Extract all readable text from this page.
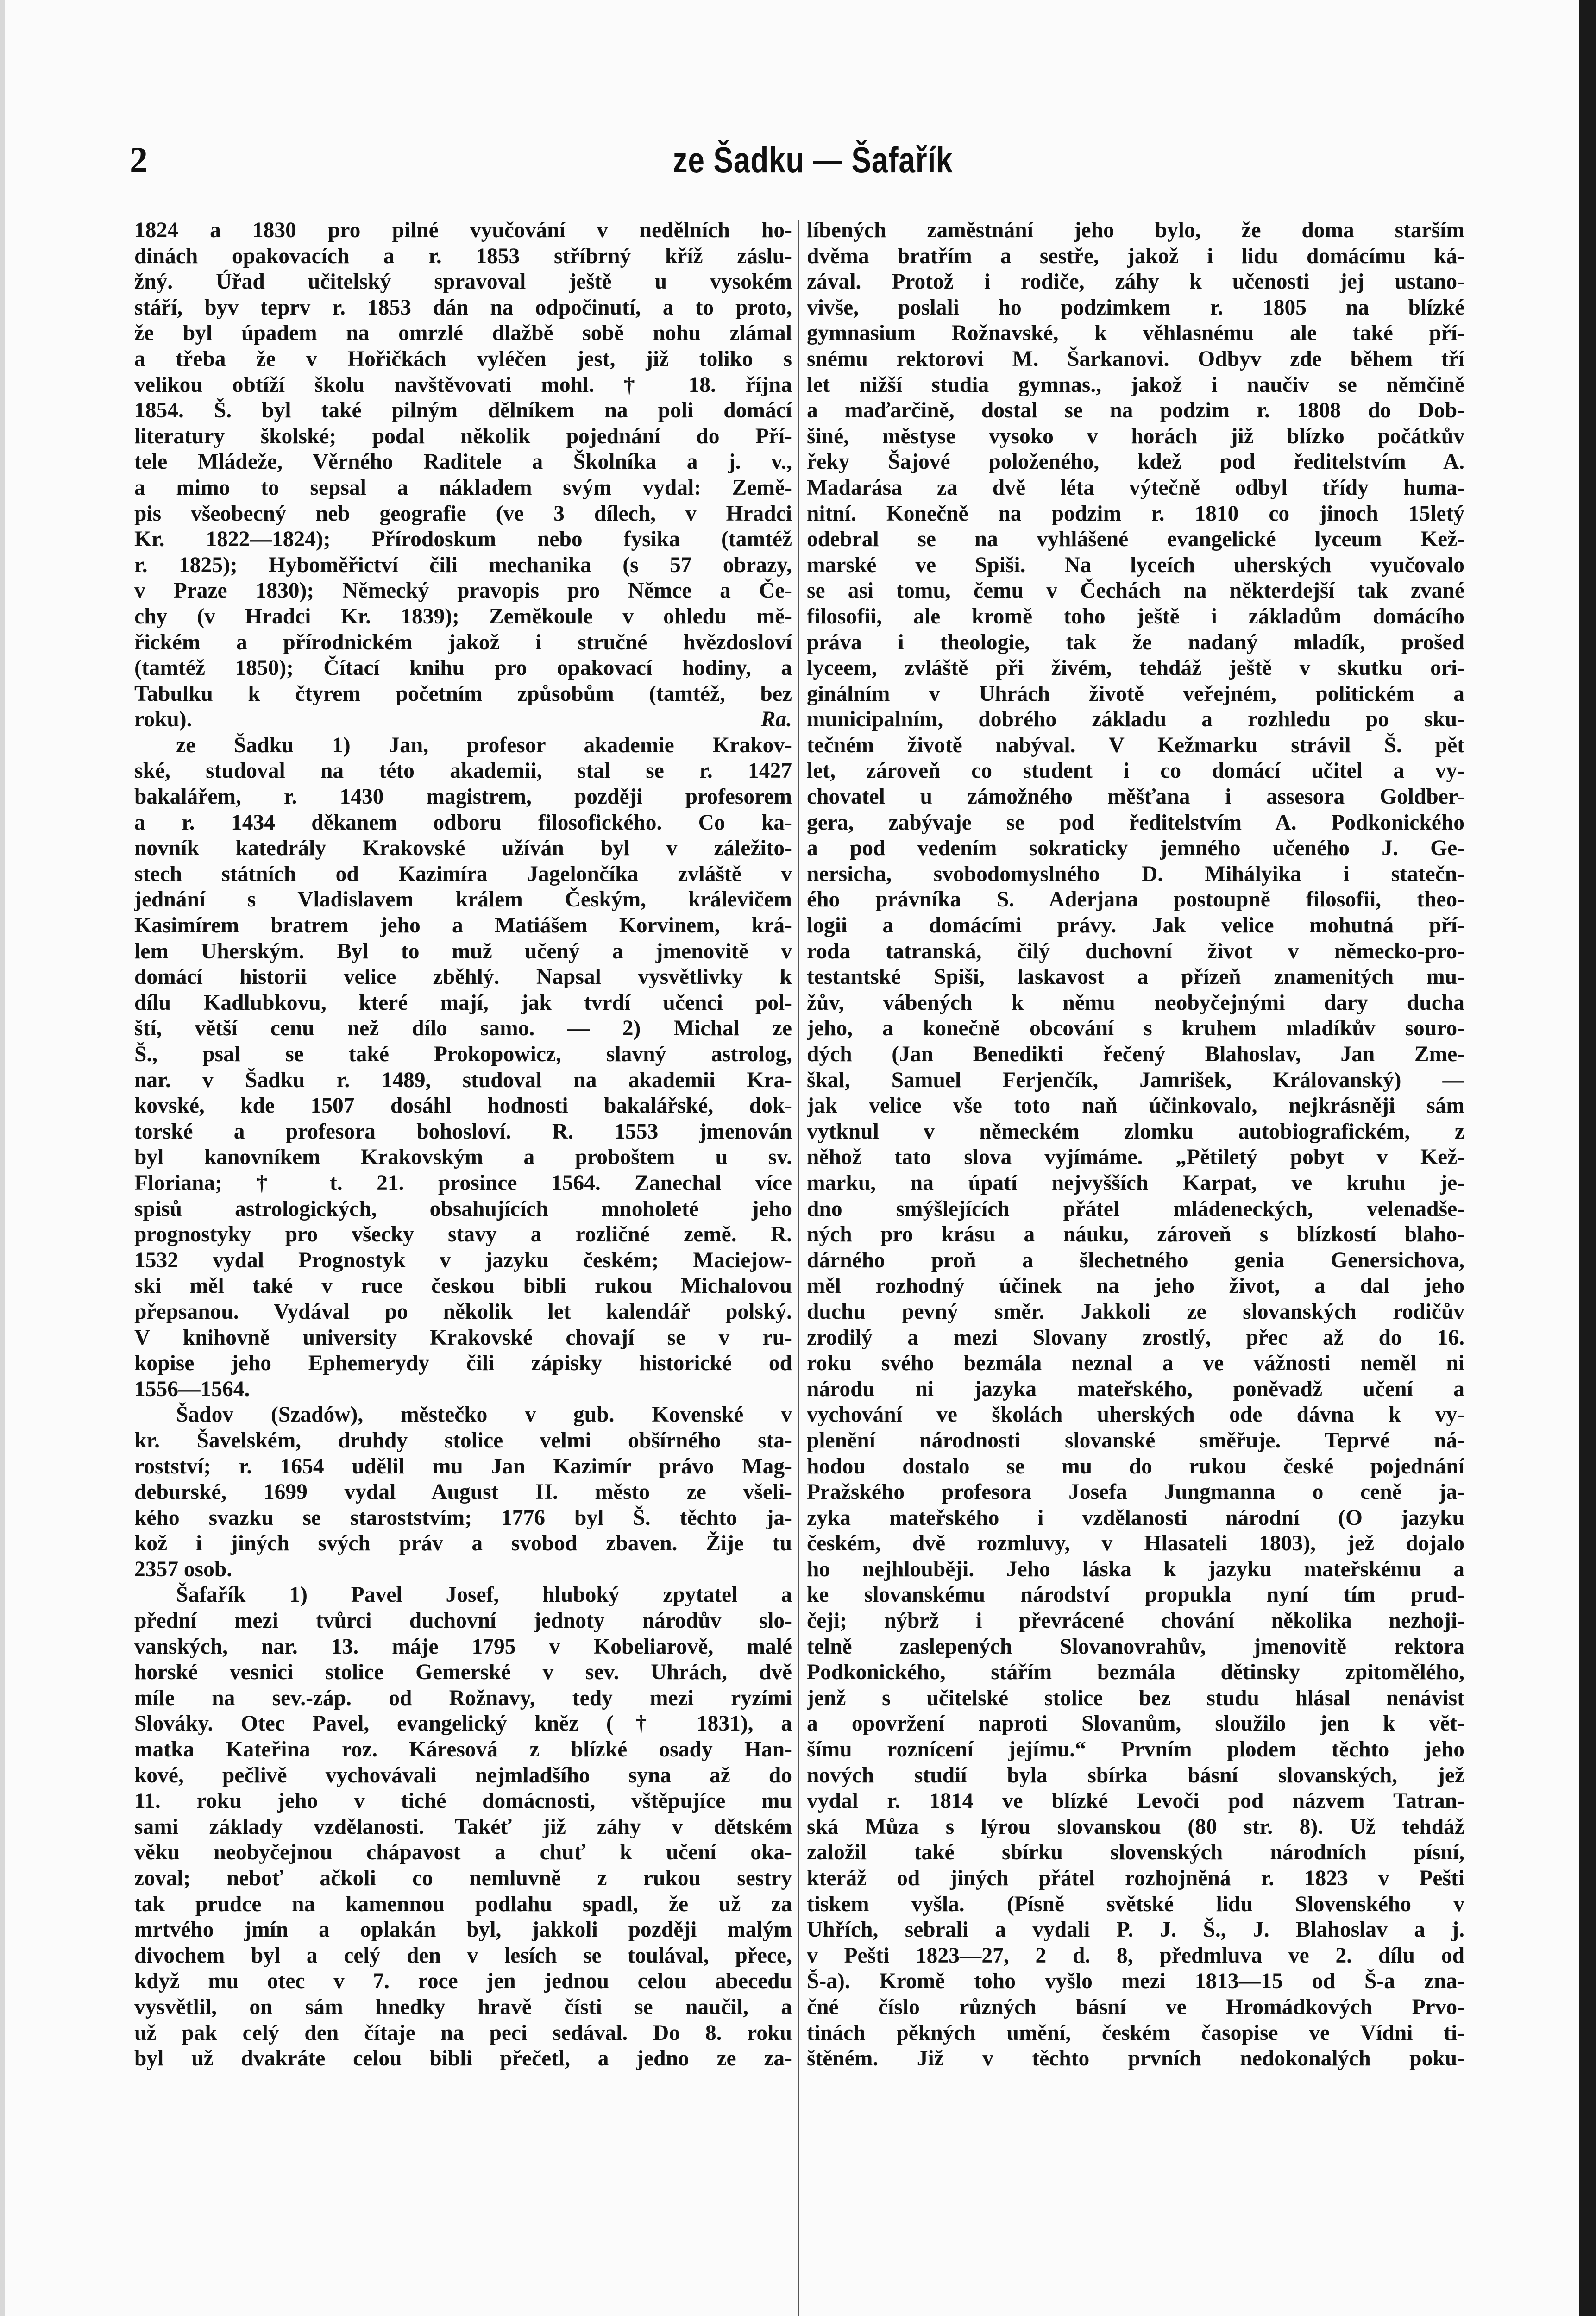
2	ze Šadku — Šafařík
1824 a 1830 pro pilné vyučování v nedělních ho-
dinách opakovacích a r. 1853 stříbrný kříž záslu-
žný. Úřad učitelský spravoval ještě u vysokém
stáří, byv teprv r. 1853 dán na odpočinutí, a to proto,
že byl úpadem na omrzlé dlažbě sobě nohu zlámal
a třeba že v Hořičkách vyléčen jest, již toliko s
velikou obtíží školu navštěvovati mohl. † 18. října
1854. Š. byl také pilným dělníkem na poli domácí
literatury školské; podal několik pojednání do Pří-
tele Mládeže, Věrného Raditele a Školníka a j. v.,
a mimo to sepsal a nákladem svým vydal: Země-
pis všeobecný neb geografie (ve 3 dílech, v Hradci
Kr. 1822—1824); Přírodoskum nebo fysika (tamtéž
r. 1825); Hyboměřictví čili mechanika (s 57 obrazy,
v Praze 1830); Německý pravopis pro Němce a Če-
chy (v Hradci Kr. 1839); Zeměkoule v ohledu mě-
řickém a přírodnickém jakož i stručné hvězdosloví
(tamtéž 1850); Čítací knihu pro opakovací hodiny, a
Tabulku k čtyrem početním způsobům (tamtéž, bez
roku).	Ra.
ze Šadku 1) Jan, profesor akademie Krakov-
ské, studoval na této akademii, stal se r. 1427
bakalářem, r. 1430 magistrem, později profesorem
a r. 1434 děkanem odboru filosofického. Co ka-
novník katedrály Krakovské užíván byl v záležito-
stech státních od Kazimíra Jagelončíka zvláště v
jednání s Vladislavem králem Českým, králevičem
Kasimírem bratrem jeho a Matiášem Korvinem, krá-
lem Uherským. Byl to muž učený a jmenovitě v
domácí historii velice zběhlý. Napsal vysvětlivky k
dílu Kadlubkovu, které mají, jak tvrdí učenci pol-
ští, větší cenu než dílo samo. — 2) Michal ze
Š., psal se také Prokopowicz, slavný astrolog,
nar. v Šadku r. 1489, studoval na akademii Kra-
kovské, kde 1507 dosáhl hodnosti bakalářské, dok-
torské a profesora bohosloví. R. 1553 jmenován
byl kanovníkem Krakovským a proboštem u sv.
Floriana; † t. 21. prosince 1564. Zanechal více
spisů astrologických, obsahujících mnoholeté jeho
prognostyky pro všecky stavy a rozličné země. R.
1532 vydal Prognostyk v jazyku českém; Maciejow-
ski měl také v ruce českou bibli rukou Michalovou
přepsanou. Vydával po několik let kalendář polský.
V knihovně university Krakovské chovají se v ru-
kopise jeho Ephemerydy čili zápisky historické od
1556—1564.
Šadov (Szadów), městečko v gub. Kovenské v
kr. Šavelském, druhdy stolice velmi obšírného sta-
rostství; r. 1654 udělil mu Jan Kazimír právo Mag-
deburské, 1699 vydal August II. město ze všeli-
kého svazku se staroststvím; 1776 byl Š. těchto ja-
kož i jiných svých práv a svobod zbaven. Žije tu
2357 osob.
Šafařík 1) Pavel Josef, hluboký zpytatel a
přední mezi tvůrci duchovní jednoty národův slo-
vanských, nar. 13. máje 1795 v Kobeliarově, malé
horské vesnici stolice Gemerské v sev. Uhrách, dvě
míle na sev.-záp. od Rožnavy, tedy mezi ryzími
Slováky. Otec Pavel, evangelický kněz († 1831), a
matka Kateřina roz. Káresová z blízké osady Han-
kové, pečlivě vychovávali nejmladšího syna až do
11. roku jeho v tiché domácnosti, vštěpujíce mu
sami základy vzdělanosti. Takéť již záhy v dětském
věku neobyčejnou chápavost a chuť k učení oka-
zoval; neboť ačkoli co nemluvně z rukou sestry
tak prudce na kamennou podlahu spadl, že už za
mrtvého jmín a oplakán byl, jakkoli později malým
divochem byl a celý den v lesích se toulával, přece,
když mu otec v 7. roce jen jednou celou abecedu
vysvětlil, on sám hnedky hravě čísti se naučil, a
už pak celý den čítaje na peci sedával. Do 8. roku
byl už dvakráte celou bibli přečetl, a jedno ze za-
líbených zaměstnání jeho bylo, že doma starším
dvěma bratřím a sestře, jakož i lidu domácímu ká-
zával. Protož i rodiče, záhy k učenosti jej ustano-
vivše, poslali ho podzimkem r. 1805 na blízké
gymnasium Rožnavské, k věhlasnému ale také pří-
snému rektorovi M. Šarkanovi. Odbyv zde během tří
let nižší studia gymnas., jakož i naučiv se němčině
a maďarčině, dostal se na podzim r. 1808 do Dob-
šiné, městyse vysoko v horách již blízko počátkův
řeky Šajové položeného, kdež pod ředitelstvím A.
Madarása za dvě léta výtečně odbyl třídy huma-
nitní. Konečně na podzim r. 1810 co jinoch 15letý
odebral se na vyhlášené evangelické lyceum Kež-
marské ve Spiši. Na lyceích uherských vyučovalo
se asi tomu, čemu v Čechách na některdejší tak zvané
filosofii, ale kromě toho ještě i základům domácího
práva i theologie, tak že nadaný mladík, prošed
lyceem, zvláště při živém, tehdáž ještě v skutku ori-
ginálním v Uhrách životě veřejném, politickém a
municipalním, dobrého základu a rozhledu po sku-
tečném životě nabýval. V Kežmarku strávil Š. pět
let, zároveň co student i co domácí učitel a vy-
chovatel u zámožného měšťana i assesora Goldber-
gera, zabývaje se pod ředitelstvím A. Podkonického
a pod vedením sokraticky jemného učeného J. Ge-
nersicha, svobodomyslného D. Mihályika i statečn-
ého právníka S. Aderjana postoupně filosofii, theo-
logii a domácími právy. Jak velice mohutná pří-
roda tatranská, čilý duchovní život v německo-pro-
testantské Spiši, laskavost a přízeň znamenitých mu-
žův, vábených k němu neobyčejnými dary ducha
jeho, a konečně obcování s kruhem mladíkův souro-
dých (Jan Benedikti řečený Blahoslav, Jan Zme-
škal, Samuel Ferjenčík, Jamrišek, Královanský) —
jak velice vše toto naň účinkovalo, nejkrásněji sám
vytknul v německém zlomku autobiografickém, z
něhož tato slova vyjímáme. „Pětiletý pobyt v Kež-
marku, na úpatí nejvyšších Karpat, ve kruhu je-
dno smýšlejících přátel mládeneckých, velenadše-
ných pro krásu a náuku, zároveň s blízkostí blaho-
dárného proň a šlechetného genia Genersichova,
měl rozhodný účinek na jeho život, a dal jeho
duchu pevný směr. Jakkoli ze slovanských rodičův
zrodilý a mezi Slovany zrostlý, přec až do 16.
roku svého bezmála neznal a ve vážnosti neměl ni
národu ni jazyka mateřského, poněvadž učení a
vychování ve školách uherských ode dávna k vy-
plenění národnosti slovanské směřuje. Teprvé ná-
hodou dostalo se mu do rukou české pojednání
Pražského profesora Josefa Jungmanna o ceně ja-
zyka mateřského i vzdělanosti národní (O jazyku
českém, dvě rozmluvy, v Hlasateli 1803), jež dojalo
ho nejhlouběji. Jeho láska k jazyku mateřskému a
ke slovanskému národství propukla nyní tím prud-
čeji; nýbrž i převrácené chování několika nezhoji-
telně zaslepených Slovanovrahův, jmenovitě rektora
Podkonického, stářím bezmála dětinsky zpitomělého,
jenž s učitelské stolice bez studu hlásal nenávist
a opovržení naproti Slovanům, sloužilo jen k vět-
šímu roznícení jejímu.“ Prvním plodem těchto jeho
nových studií byla sbírka básní slovanských, jež
vydal r. 1814 ve blízké Levoči pod názvem Tatran-
ská Můza s lýrou slovanskou (80 str. 8). Už tehdáž
založil také sbírku slovenských národních písní,
kteráž od jiných přátel rozhojněná r. 1823 v Pešti
tiskem vyšla. (Písně světské lidu Slovenského v
Uhřích, sebrali a vydali P. J. Š., J. Blahoslav a j.
v Pešti 1823—27, 2 d. 8, předmluva ve 2. dílu od
Š-a). Kromě toho vyšlo mezi 1813—15 od Š-a zna-
čné číslo různých básní ve Hromádkových Prvo-
tinách pěkných umění, českém časopise ve Vídni ti-
štěném. Již v těchto prvních nedokonalých poku-
